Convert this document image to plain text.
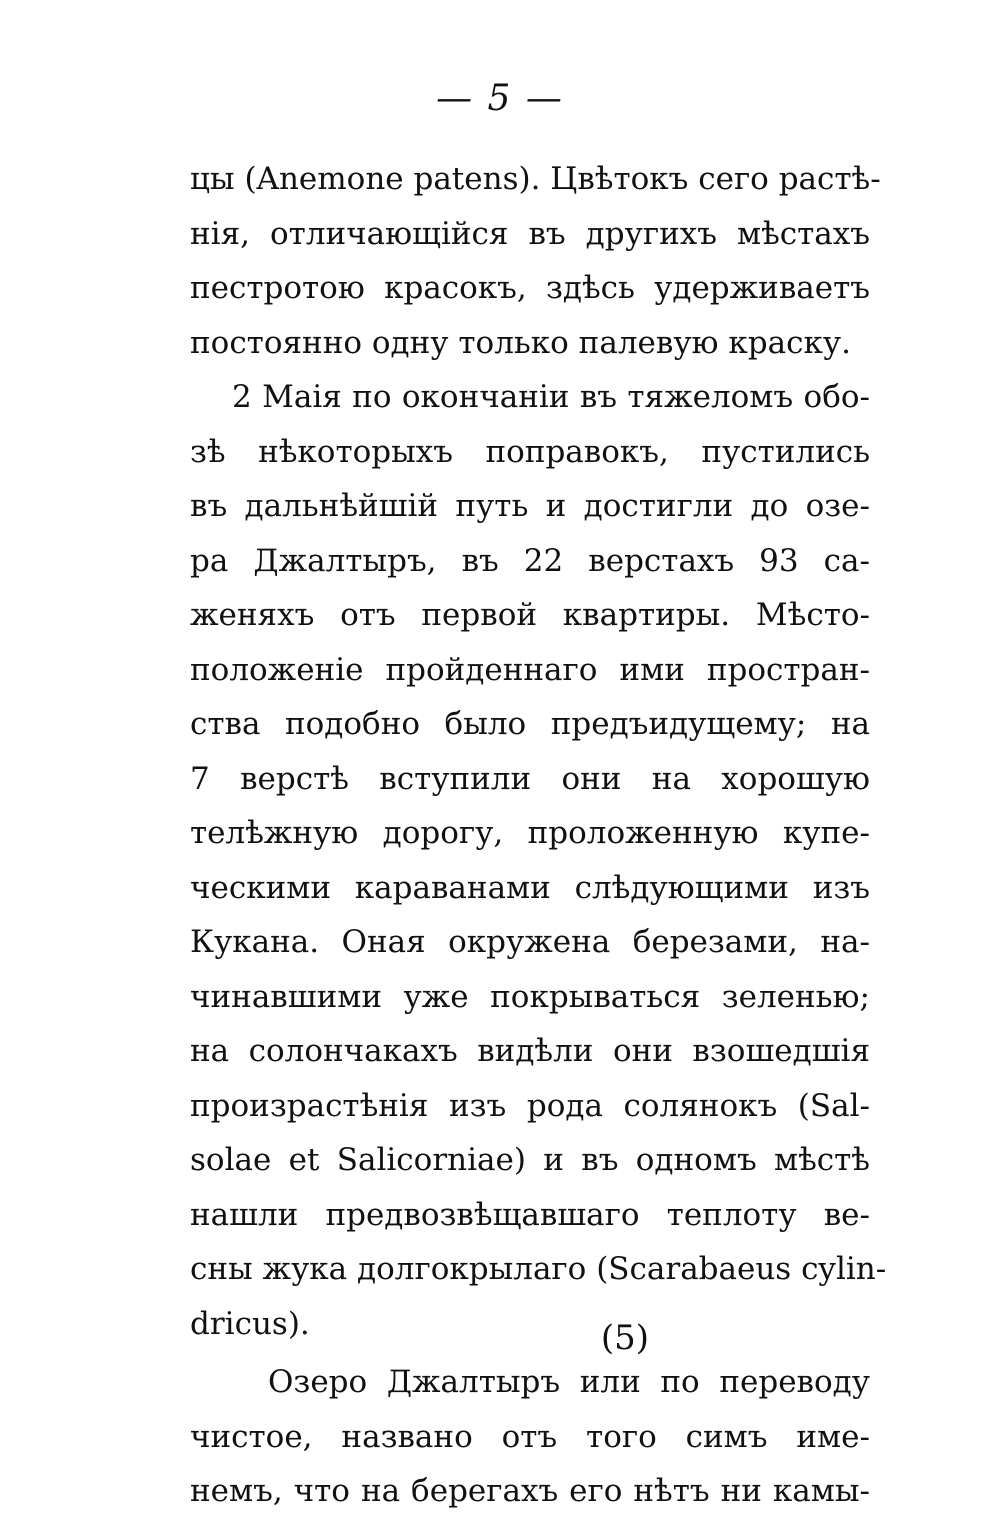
— 5 —
цы (Anemone patens). Цвѣтокъ сего растѣ-
нія, отличающійся въ другихъ мѣстахъ
пестротою красокъ, здѣсь удерживаетъ
постоянно одну только палевую краску.
2 Маія по окончаніи въ тяжеломъ обо-
зѣ нѣкоторыхъ поправокъ, пустились
въ дальнѣйшій путь и достигли до озе-
ра Джалтыръ, въ 22 верстахъ 93 са-
женяхъ отъ первой квартиры. Мѣсто-
положеніе пройденнаго ими простран-
ства подобно было предъидущему; на
7 верстѣ вступили они на хорошую
телѣжную дорогу, проложенную купе-
ческими караванами слѣдующими изъ
Кукана. Оная окружена березами, на-
чинавшими уже покрываться зеленью;
на солончакахъ видѣли они взошедшія
произрастѣнія изъ рода солянокъ (Sal-
solae et Salicorniae) и въ одномъ мѣстѣ
нашли предвозвѣщавшаго теплоту ве-
сны жука долгокрылаго (Scarabaeus cylin-
dricus).
Озеро Джалтыръ или по переводу
чистое, названо отъ того симъ име-
немъ, что на берегахъ его нѣтъ ни камы-
(5)
